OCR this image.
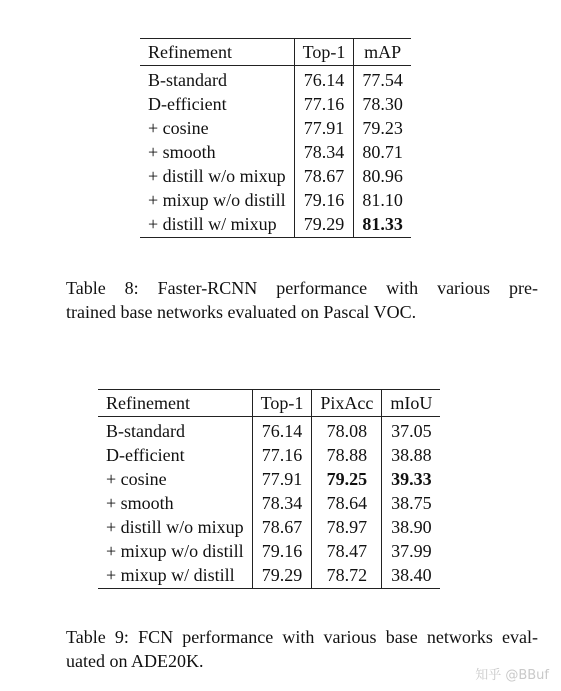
Refinement	Top-1	mAP
B-standard	76.14	77.54
D-efficient	77.16	78.30
+ cosine	77.91	79.23
+ smooth	78.34	80.71
+ distill w/o mixup	78.67	80.96
+ mixup w/o distill	79.16	81.10
+ distill w/ mixup	79.29	81.33
Table 8: Faster-RCNN performance with various pre-
trained base networks evaluated on Pascal VOC.
Refinement	Top-1	PixAcc	mIoU
B-standard	76.14	78.08	37.05
D-efficient	77.16	78.88	38.88
+ cosine	77.91	79.25	39.33
+ smooth	78.34	78.64	38.75
+ distill w/o mixup	78.67	78.97	38.90
+ mixup w/o distill	79.16	78.47	37.99
+ mixup w/ distill	79.29	78.72	38.40
Table 9: FCN performance with various base networks eval-
uated on ADE20K.
知乎 @BBuf
